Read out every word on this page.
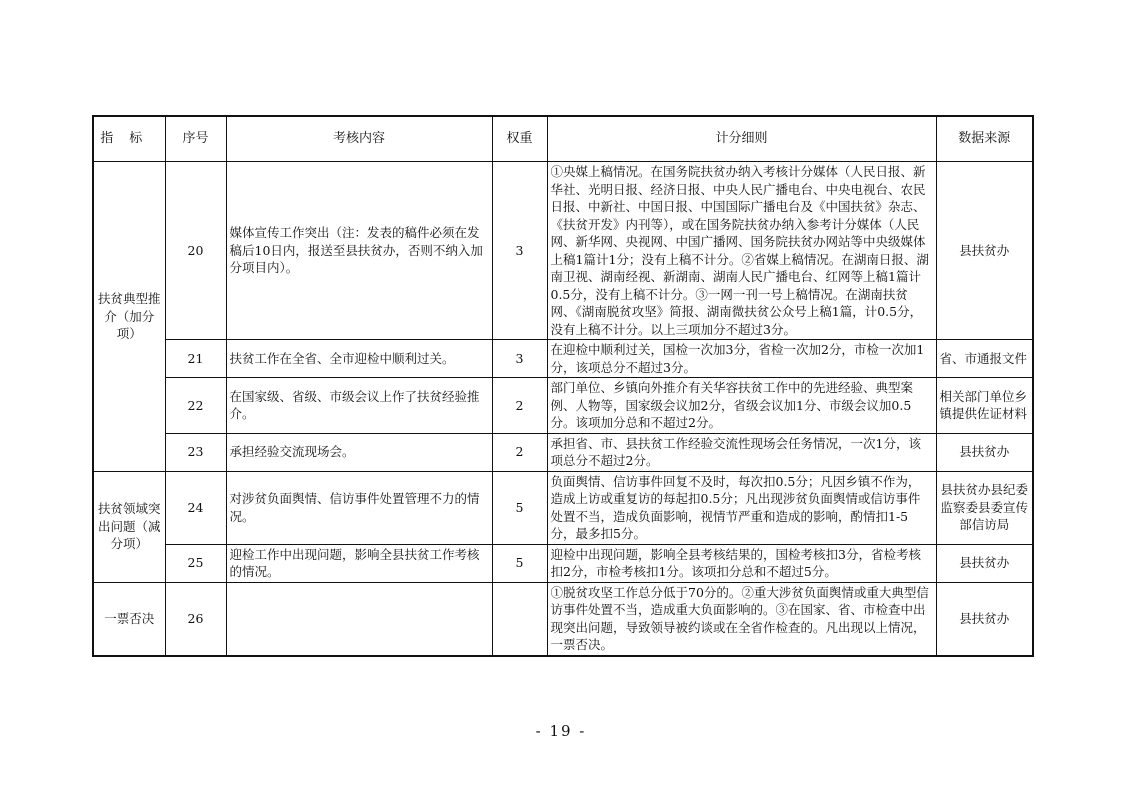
指标	序号	考核内容	权重	计分细则	数据来源
扶贫典型推介（加分项）	20	媒体宣传工作突出（注：发表的稿件必须在发稿后10日内，报送至县扶贫办，否则不纳入加分项目内）。	3	①央媒上稿情况。在国务院扶贫办纳入考核计分媒体（人民日报、新华社、光明日报、经济日报、中央人民广播电台、中央电视台、农民日报、中新社、中国日报、中国国际广播电台及《中国扶贫》杂志、《扶贫开发》内刊等），或在国务院扶贫办纳入参考计分媒体（人民网、新华网、央视网、中国广播网、国务院扶贫办网站等中央级媒体上稿1篇计1分；没有上稿不计分。②省媒上稿情况。在湖南日报、湖南卫视、湖南经视、新湖南、湖南人民广播电台、红网等上稿1篇计0.5分，没有上稿不计分。③一网一刊一号上稿情况。在湖南扶贫网、《湖南脱贫攻坚》简报、湖南微扶贫公众号上稿1篇，计0.5分，没有上稿不计分。以上三项加分不超过3分。	县扶贫办
	21	扶贫工作在全省、全市迎检中顺利过关。	3	在迎检中顺利过关，国检一次加3分，省检一次加2分，市检一次加1分，该项总分不超过3分。	省、市通报文件
	22	在国家级、省级、市级会议上作了扶贫经验推介。	2	部门单位、乡镇向外推介有关华容扶贫工作中的先进经验、典型案例、人物等，国家级会议加2分，省级会议加1分、市级会议加0.5分。该项加分总和不超过2分。	相关部门单位乡镇提供佐证材料
	23	承担经验交流现场会。	2	承担省、市、县扶贫工作经验交流性现场会任务情况，一次1分，该项总分不超过2分。	县扶贫办
扶贫领域突出问题（减分项）	24	对涉贫负面舆情、信访事件处置管理不力的情况。	5	负面舆情、信访事件回复不及时，每次扣0.5分；凡因乡镇不作为，造成上访或重复访的每起扣0.5分；凡出现涉贫负面舆情或信访事件处置不当，造成负面影响，视情节严重和造成的影响，酌情扣1-5分，最多扣5分。	县扶贫办县纪委监察委县委宣传部信访局
	25	迎检工作中出现问题，影响全县扶贫工作考核的情况。	5	迎检中出现问题，影响全县考核结果的，国检考核扣3分，省检考核扣2分，市检考核扣1分。该项扣分总和不超过5分。	县扶贫办
一票否决	26			①脱贫攻坚工作总分低于70分的。②重大涉贫负面舆情或重大典型信访事件处置不当，造成重大负面影响的。③在国家、省、市检查中出现突出问题，导致领导被约谈或在全省作检查的。凡出现以上情况，一票否决。	县扶贫办
- 19 -
